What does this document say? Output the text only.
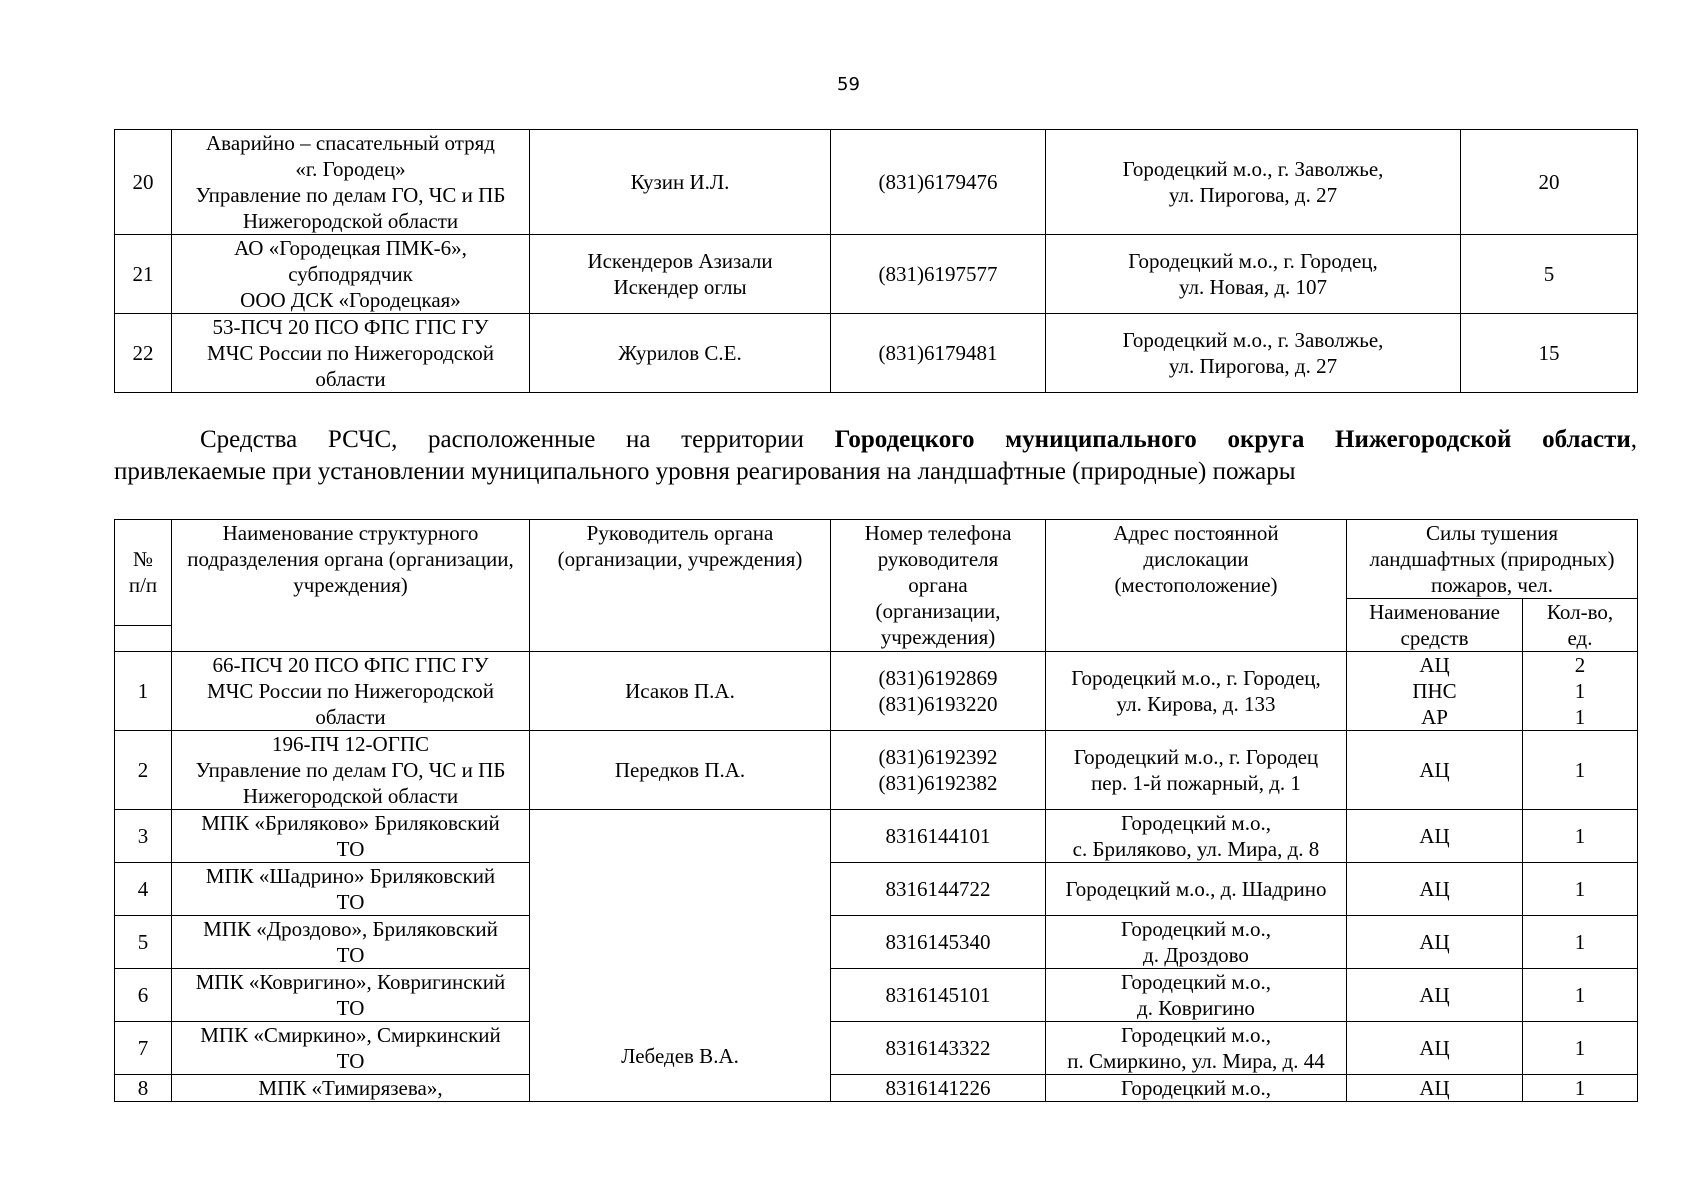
59
20	Аварийно – спасательный отряд
«г. Городец»
Управление по делам ГО, ЧС и ПБ
Нижегородской области	Кузин И.Л.	(831)6179476	Городецкий м.о., г. Заволжье,
ул. Пирогова, д. 27	20
21	АО «Городецкая ПМК-6»,
субподрядчик
ООО ДСК «Городецкая»	Искендеров Азизали
Искендер оглы	(831)6197577	Городецкий м.о., г. Городец,
ул. Новая, д. 107	5
22	53-ПСЧ 20 ПСО ФПС ГПС ГУ
МЧС России по Нижегородской
области	Журилов С.Е.	(831)6179481	Городецкий м.о., г. Заволжье,
ул. Пирогова, д. 27	15
Средства РСЧС, расположенные на территории Городецкого муниципального округа Нижегородской области,
привлекаемые при установлении муниципального уровня реагирования на ландшафтные (природные) пожары
№
п/п	Наименование структурного
подразделения органа (организации,
учреждения)	Руководитель органа
(организации, учреждения)	Номер телефона
руководителя
органа
(организации,
учреждения)	Адрес постоянной
дислокации
(местоположение)	Силы тушения
ландшафтных (природных)
пожаров, чел.	
					Наименование
средств	Кол-во,
ед.

1	66-ПСЧ 20 ПСО ФПС ГПС ГУ
МЧС России по Нижегородской
области	Исаков П.А.	(831)6192869
(831)6193220	Городецкий м.о., г. Городец,
ул. Кирова, д. 133	АЦ
ПНС
АР	2
1
1
2	196-ПЧ 12-ОГПС
Управление по делам ГО, ЧС и ПБ
Нижегородской области	Передков П.А.	(831)6192392
(831)6192382	Городецкий м.о., г. Городец
пер. 1-й пожарный, д. 1	АЦ	1
3	МПК «Бриляково» Бриляковский
ТО	Лебедев В.А.	8316144101	Городецкий м.о.,
с. Бриляково, ул. Мира, д. 8	АЦ	1
4	МПК «Шадрино» Бриляковский
ТО		8316144722	Городецкий м.о., д. Шадрино	АЦ	1
5	МПК «Дроздово», Бриляковский
ТО		8316145340	Городецкий м.о.,
д. Дроздово	АЦ	1
6	МПК «Ковригино», Ковригинский
ТО		8316145101	Городецкий м.о.,
д. Ковригино	АЦ	1
7	МПК «Смиркино», Смиркинский
ТО		8316143322	Городецкий м.о.,
п. Смиркино, ул. Мира, д. 44	АЦ	1
8	МПК «Тимирязева»,		8316141226	Городецкий м.о.,	АЦ	1
